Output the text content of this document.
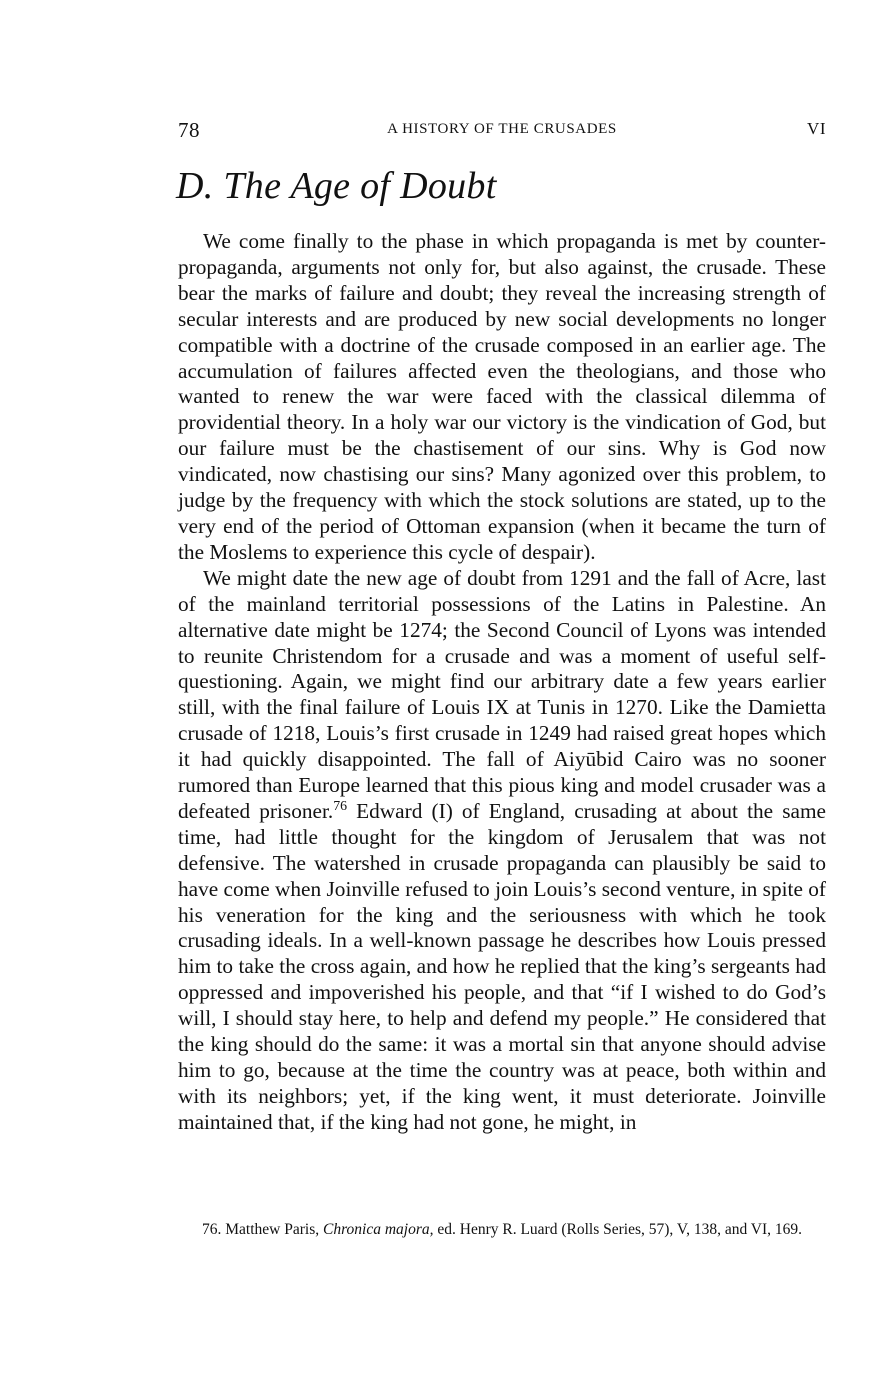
78	A HISTORY OF THE CRUSADES	VI
D. The Age of Doubt

We come finally to the phase in which propaganda is met by counter-propaganda, arguments not only for, but also against, the crusade. These bear the marks of failure and doubt; they reveal the increasing strength of secular interests and are produced by new social developments no longer compatible with a doctrine of the crusade composed in an earlier age. The accumulation of failures affected even the theologians, and those who wanted to renew the war were faced with the classical dilemma of providential theory. In a holy war our victory is the vindication of God, but our failure must be the chastisement of our sins. Why is God now vindicated, now chastising our sins? Many agonized over this problem, to judge by the frequency with which the stock solutions are stated, up to the very end of the period of Ottoman expansion (when it became the turn of the Moslems to experience this cycle of despair).

We might date the new age of doubt from 1291 and the fall of Acre, last of the mainland territorial possessions of the Latins in Palestine. An alternative date might be 1274; the Second Council of Lyons was intended to reunite Christendom for a crusade and was a moment of useful self-questioning. Again, we might find our arbitrary date a few years earlier still, with the final failure of Louis IX at Tunis in 1270. Like the Damietta crusade of 1218, Louis’s first crusade in 1249 had raised great hopes which it had quickly disappointed. The fall of Aiyūbid Cairo was no sooner rumored than Europe learned that this pious king and model crusader was a defeated prisoner.$^{76}$ Edward (I) of England, crusading at about the same time, had little thought for the kingdom of Jerusalem that was not defensive. The watershed in crusade propaganda can plausibly be said to have come when Joinville refused to join Louis’s second venture, in spite of his veneration for the king and the seriousness with which he took crusading ideals. In a well-known passage he describes how Louis pressed him to take the cross again, and how he replied that the king’s sergeants had oppressed and impoverished his people, and that “if I wished to do God’s will, I should stay here, to help and defend my people.” He considered that the king should do the same: it was a mortal sin that anyone should advise him to go, because at the time the country was at peace, both within and with its neighbors; yet, if the king went, it must deteriorate. Joinville maintained that, if the king had not gone, he might, in

76. Matthew Paris, Chronica majora, ed. Henry R. Luard (Rolls Series, 57), V, 138, and VI, 169.
